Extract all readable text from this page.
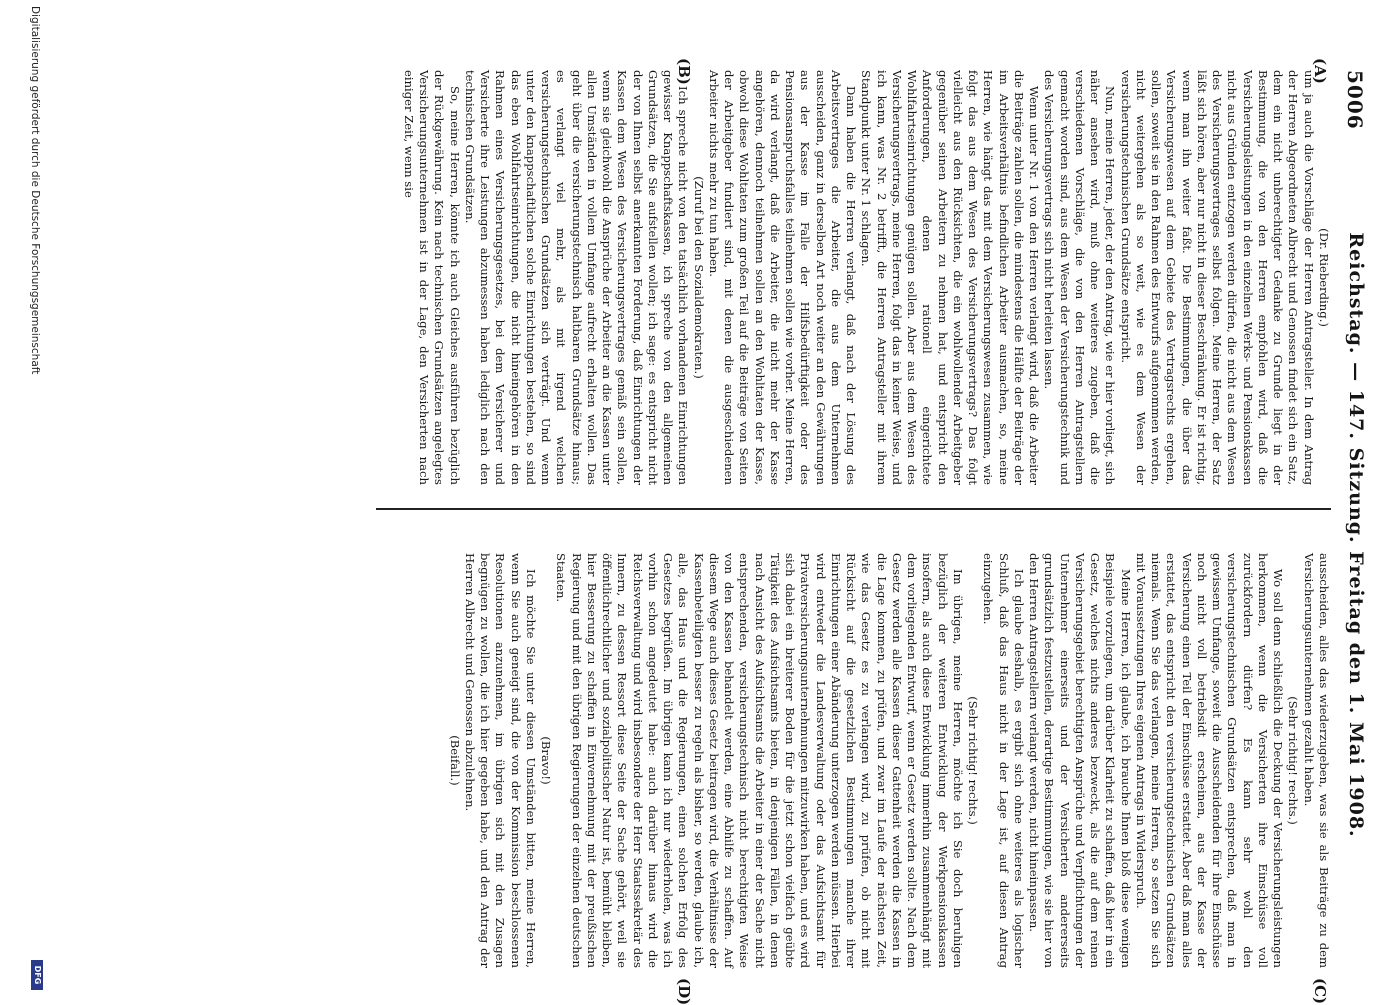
5006
Reichstag. — 147. Sitzung. Freitag den 1. Mai 1908.
(A)
(B)
(C)
(D)

(Dr. Rieberding.)

um ja auch die Vorschläge der Herren Antragsteller. In dem Antrag der Herren Abgeordneten Albrecht und Genossen findet sich ein Satz, dem ein nicht unberechtigter Gedanke zu Grunde liegt in der Bestimmung, die von den Herren empfohlen wird, daß die Versicherungsleistungen in den einzelnen Werks- und Pensionskassen nicht aus Gründen entzogen werden dürfen, die nicht aus dem Wesen des Versicherungsvertrages selbst folgen. Meine Herren, der Satz läßt sich hören, aber nur nicht in dieser Beschränkung. Er ist richtig, wenn man ihn weiter faßt. Die Bestimmungen, die über das Versicherungswesen auf dem Gebiete des Vertragsrechts ergehen, sollen, soweit sie in den Rahmen des Entwurfs aufgenommen werden, nicht weitergehen als so weit, wie es dem Wesen der versicherungstechnischen Grundsätze entspricht.

Nun, meine Herren, jeder, der den Antrag, wie er hier vorliegt, sich näher ansehen wird, muß ohne weiteres zugeben, daß die verschiedenen Vorschläge, die von den Herren Antragstellern gemacht worden sind, aus dem Wesen der Versicherungstechnik und des Versicherungsvertrags sich nicht herleiten lassen.

Wenn unter Nr. 1 von den Herren verlangt wird, daß die Arbeiter die Beiträge zahlen sollen, die mindestens die Hälfte der Beiträge der im Arbeitsverhältnis befindlichen Arbeiter ausmachen, so, meine Herren, wie hängt das mit dem Versicherungswesen zusammen, wie folgt das aus dem Wesen des Versicherungsvertrags? Das folgt vielleicht aus den Rücksichten, die ein wohlwollender Arbeitgeber gegenüber seinen Arbeitern zu nehmen hat, und entspricht den Anforderungen, denen rationell eingerichtete Wohlfahrtseinrichtungen genügen sollen. Aber aus dem Wesen des Versicherungsvertrags, meine Herren, folgt das in keiner Weise, und ich kann, was Nr. 2 betrifft, die Herren Antragsteller mit ihrem Standpunkt unter Nr. 1 schlagen.

Dann haben die Herren verlangt, daß nach der Lösung des Arbeitsvertrages die Arbeiter, die aus dem Unternehmen ausscheiden, ganz in derselben Art noch weiter an den Gewährungen aus der Kasse im Falle der Hilfsbedürftigkeit oder des Pensionsanspruchsfalles teilnehmen sollen wie vorher. Meine Herren, da wird verlangt, daß die Arbeiter, die nicht mehr der Kasse angehören, dennoch teilnehmen sollen an den Wohltaten der Kasse, obwohl diese Wohltaten zum großen Teil auf die Beiträge von Seiten der Arbeitgeber fundiert sind, mit denen die ausgeschiedenen Arbeiter nichts mehr zu tun haben.

(Zuruf bei den Sozialdemokraten.)

Ich spreche nicht von den tatsächlich vorhandenen Einrichtungen gewisser Knappschaftskassen, ich spreche von den allgemeinen Grundsätzen, die Sie aufstellen wollen; ich sage: es entspricht nicht der von Ihnen selbst anerkannten Forderung, daß Einrichtungen der Kassen dem Wesen des Versicherungsvertrages gemäß sein sollen, wenn sie gleichwohl die Ansprüche der Arbeiter an die Kassen unter allen Umständen in vollem Umfange aufrecht erhalten wollen. Das geht über die versicherungstechnisch haltbaren Grundsätze hinaus; es verlangt viel mehr, als mit irgend welchen versicherungstechnischen Grundsätzen sich verträgt. Und wenn unter den knappschaftlichen solche Einrichtungen bestehen, so sind das eben Wohlfahrtseinrichtungen, die nicht hineingehören in den Rahmen eines Versicherungsgesetzes, bei dem Versicherer und Versicherte ihre Leistungen abzumessen haben lediglich nach den technischen Grundsätzen.

So, meine Herren, könnte ich auch Gleiches ausführen bezüglich der Rückgewährung. Kein nach technischen Grundsätzen angelegtes Versicherungsunternehmen ist in der Lage, den Versicherten nach einiger Zeit, wenn sie

ausscheiden, alles das wiederzugeben, was sie als Beiträge zu dem Versicherungsunternehmen gezahlt haben.

(Sehr richtig! rechts.)

Wo soll denn schließlich die Deckung der Versicherungsleistungen herkommen, wenn die Versicherten ihre Einschüsse voll zurückfordern dürfen? Es kann sehr wohl den versicherungstechnischen Grundsätzen entsprechen, daß man in gewissem Umfange, soweit die Ausscheidenden für ihre Einschüsse noch nicht voll betriebsidt erscheinen, aus der Kasse der Versicherung einen Teil der Einschüsse erstattet. Aber daß man alles erstattet, das entspricht den versicherungstechnischen Grundsätzen niemals. Wenn Sie das verlangen, meine Herren, so setzen Sie sich mit Voraussetzungen Ihres eigenen Antrags in Widerspruch.

Meine Herren, ich glaube, ich brauche Ihnen bloß diese wenigen Beispiele vorzulegen, um darüber Klarheit zu schaffen, daß hier in ein Gesetz, welches nichts anderes bezweckt, als die auf dem reinen Versicherungsgebiet berechtigten Ansprüche und Verpflichtungen der Unternehmer einerseits und der Versicherten andererseits grundsätzlich festzustellen, derartige Bestimmungen, wie sie hier von den Herren Antragstellern verlangt werden, nicht hineinpassen.

Ich glaube deshalb, es ergibt sich ohne weiteres als logischer Schluß, daß das Haus nicht in der Lage ist, auf diesen Antrag einzugehen.

(Sehr richtig! rechts.)

Im übrigen, meine Herren, möchte ich Sie doch beruhigen bezüglich der weiteren Entwicklung der Werkpensionskassen insofern, als auch diese Entwicklung immerhin zusammenhängt mit dem vorliegenden Entwurf, wenn er Gesetz werden sollte. Nach dem Gesetz werden alle Kassen dieser Gattenheit werden die Kassen in die Lage kommen, zu prüfen, und zwar im Laufe der nächsten Zeit, wie das Gesetz es zu verlangen wird, zu prüfen, ob nicht mit Rücksicht auf die gesetzlichen Bestimmungen manche ihrer Einrichtungen einer Abänderung unterzogen werden müssen. Hierbei wird entweder die Landesverwaltung oder das Aufsichtsamt für Privatversicherungsunternehmungen mitzuwirken haben, und es wird sich dabei ein breiterer Boden für die jetzt schon vielfach geübte Tätigkeit des Aufsichtsamts bieten, in denjenigen Fällen, in denen nach Ansicht des Aufsichtsamts die Arbeiter in einer der Sache nicht entsprechenden, versicherungstechnisch nicht berechtigten Weise von den Kassen behandelt werden, eine Abhilfe zu schaffen. Auf diesem Wege auch dieses Gesetz beitragen wird, die Verhältnisse der Kassenbeteiligten besser zu regeln als bisher, so werden, glaube ich, alle, das Haus und die Regierungen, einen solchen Erfolg des Gesetzes begrüßen. Im übrigen kann ich nur wiederholen, was ich vorhin schon angedeutet habe: auch darüber hinaus wird die Reichsverwaltung und wird insbesondere der Herr Staatssekretär des Innern, zu dessen Ressort diese Seite der Sache gehört, weil sie öffentlichrechtlicher und sozialpolitischer Natur ist, bemüht bleiben, hier Besserung zu schaffen in Einvernehmung mit der preußischen Regierung und mit den übrigen Regierungen der einzelnen deutschen Staaten.

(Bravo!)

Ich möchte Sie unter diesen Umständen bitten, meine Herren, wenn Sie auch geneigt sind, die von der Kommission beschlossenen Resolutionen anzunehmen, im übrigen sich mit den Zusagen begnügen zu wollen, die ich hier gegeben habe, und den Antrag der Herren Albrecht und Genossen abzulehnen.

(Beifall.)

Digitalisierung gefördert durch die Deutsche Forschungsgemeinschaft
DFG
